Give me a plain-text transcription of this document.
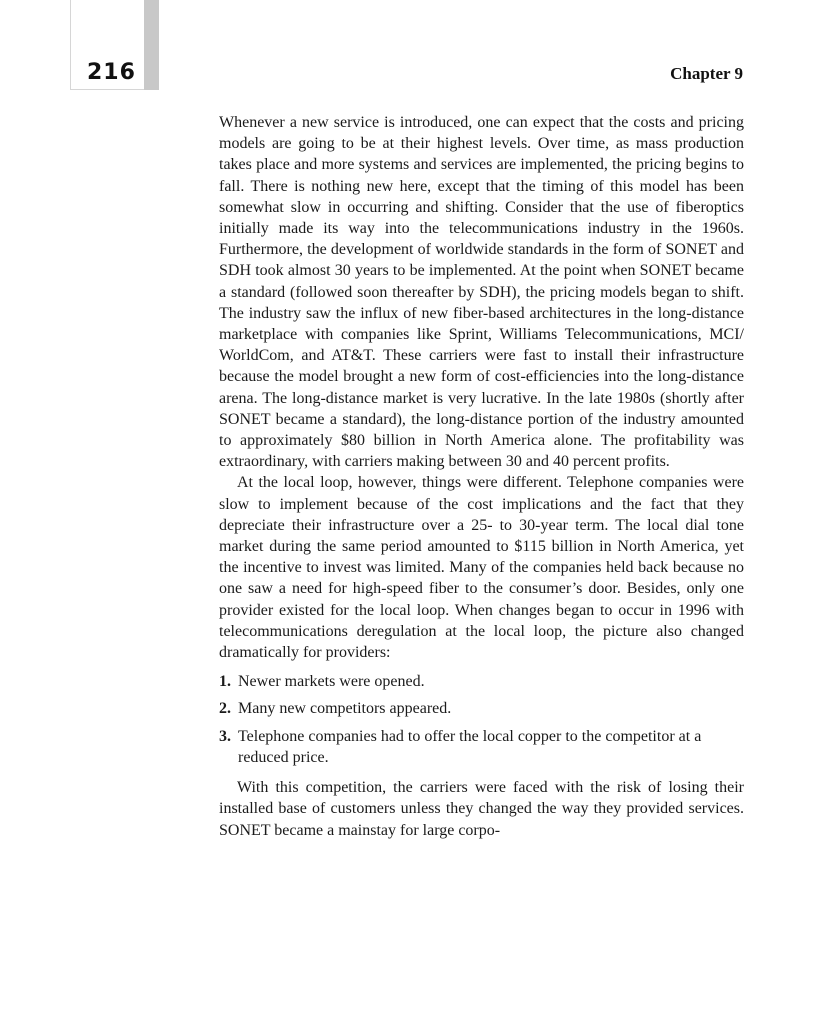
216	Chapter 9

Whenever a new service is introduced, one can expect that the costs and pricing models are going to be at their highest levels. Over time, as mass production takes place and more systems and services are implemented, the pricing begins to fall. There is nothing new here, except that the timing of this model has been somewhat slow in occurring and shifting. Consider that the use of fiberoptics initially made its way into the telecommunications industry in the 1960s. Furthermore, the development of worldwide standards in the form of SONET and SDH took almost 30 years to be implemented. At the point when SONET became a standard (followed soon thereafter by SDH), the pricing models began to shift. The industry saw the influx of new fiber-based architectures in the long-distance marketplace with companies like Sprint, Williams Telecommunications, MCI/​WorldCom, and AT&T. These carriers were fast to install their infrastructure because the model brought a new form of cost-efficiencies into the long-distance arena. The long-distance market is very lucrative. In the late 1980s (shortly after SONET became a standard), the long-distance portion of the industry amounted to approximately $80 billion in North America alone. The profitability was extraordinary, with carriers making between 30 and 40 percent profits.

At the local loop, however, things were different. Telephone companies were slow to implement because of the cost implications and the fact that they depreciate their infrastructure over a 25- to 30-​year term. The local dial tone market during the same period amounted to $115 billion in North America, yet the incentive to invest was limited. Many of the companies held back because no one saw a need for high-speed fiber to the consumer’s door. Besides, only one provider existed for the local loop. When changes began to occur in 1996 with telecommunications deregulation at the local loop, the picture also changed dramatically for providers:

1. Newer markets were opened.
2. Many new competitors appeared.
3. Telephone companies had to offer the local copper to the competitor at a reduced price.

With this competition, the carriers were faced with the risk of losing their installed base of customers unless they changed the way they provided services. SONET became a mainstay for large corpo-
